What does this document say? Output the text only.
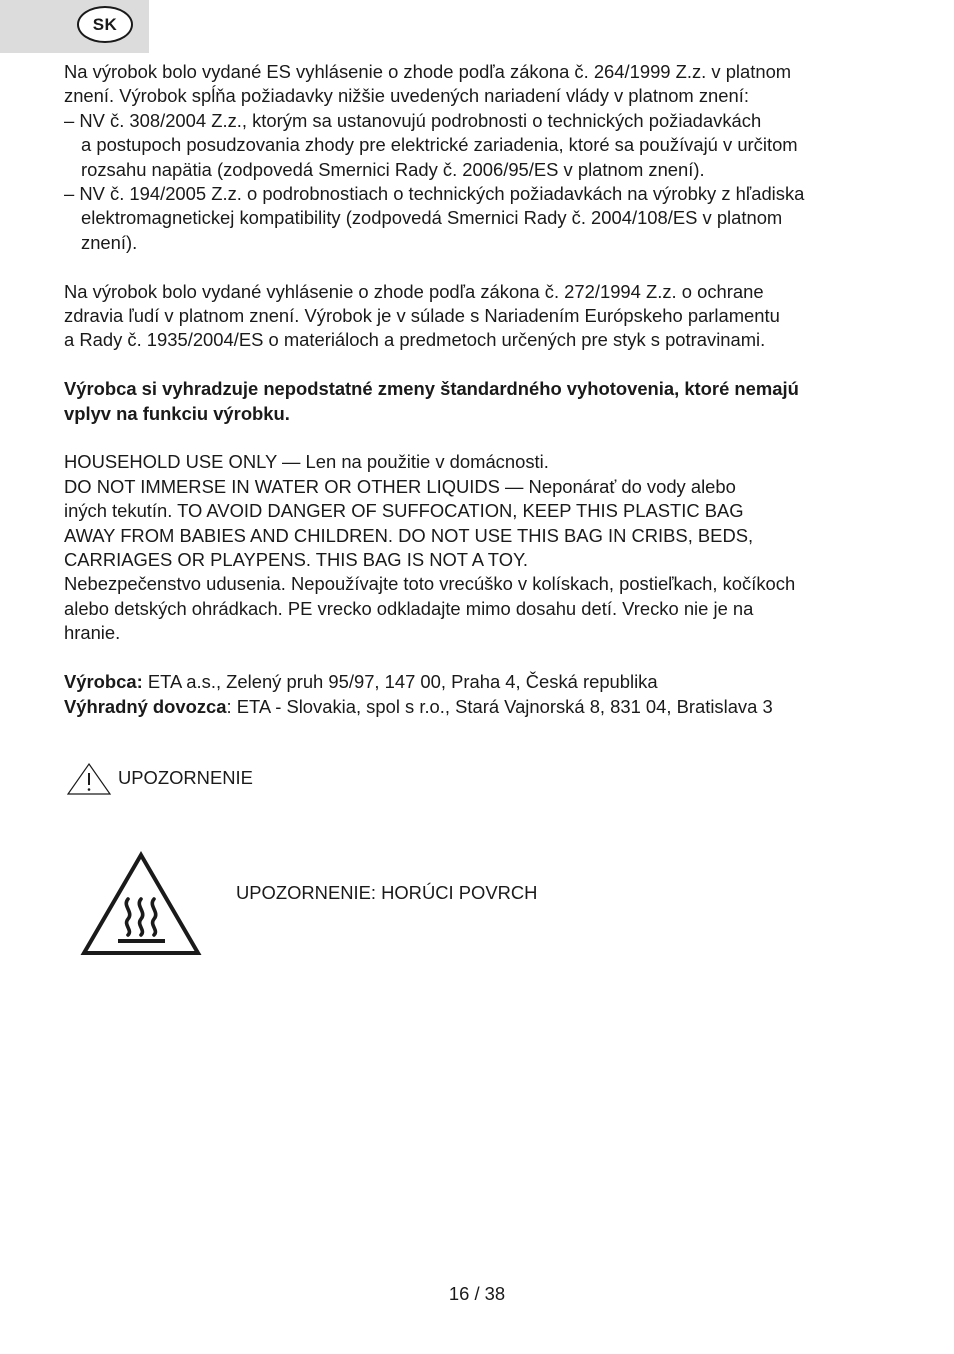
SK

Na výrobok bolo vydané ES vyhlásenie o zhode podľa zákona č. 264/1999 Z.z. v platnom

znení. Výrobok spĺňa požiadavky nižšie uvedených nariadení vlády v platnom znení:

– NV č. 308/2004 Z.z., ktorým sa ustanovujú podrobnosti o technických požiadavkách

a postupoch posudzovania zhody pre elektrické zariadenia, ktoré sa používajú v určitom

rozsahu napätia (zodpovedá Smernici Rady č. 2006/95/ES v platnom znení).

– NV č. 194/2005 Z.z. o podrobnostiach o technických požiadavkách na výrobky z hľadiska

elektromagnetickej kompatibility (zodpovedá Smernici Rady č. 2004/108/ES v platnom

znení).

Na výrobok bolo vydané vyhlásenie o zhode podľa zákona č. 272/1994 Z.z. o ochrane

zdravia ľudí v platnom znení. Výrobok je v súlade s Nariadením Európskeho parlamentu

a Rady č. 1935/2004/ES o materiáloch a predmetoch určených pre styk s potravinami.

Výrobca si vyhradzuje nepodstatné zmeny štandardného vyhotovenia, ktoré nemajú

vplyv na funkciu výrobku.

HOUSEHOLD USE ONLY — Len na použitie v domácnosti.

DO NOT IMMERSE IN WATER OR OTHER LIQUIDS — Neponárať do vody alebo

iných tekutín. TO AVOID DANGER OF SUFFOCATION, KEEP THIS PLASTIC BAG

AWAY FROM BABIES AND CHILDREN. DO NOT USE THIS BAG IN CRIBS, BEDS,

CARRIAGES OR PLAYPENS. THIS BAG IS NOT A TOY.

Nebezpečenstvo udusenia. Nepoužívajte toto vrecúško v kolískach, postieľkach, kočíkoch

alebo detských ohrádkach. PE vrecko odkladajte mimo dosahu detí. Vrecko nie je na

hranie.

Výrobca: ETA a.s., Zelený pruh 95/97, 147 00, Praha 4, Česká republika

Výhradný dovozca: ETA - Slovakia, spol s r.o., Stará Vajnorská 8, 831 04, Bratislava 3

UPOZORNENIE
UPOZORNENIE: HORÚCI POVRCH
16 / 38
